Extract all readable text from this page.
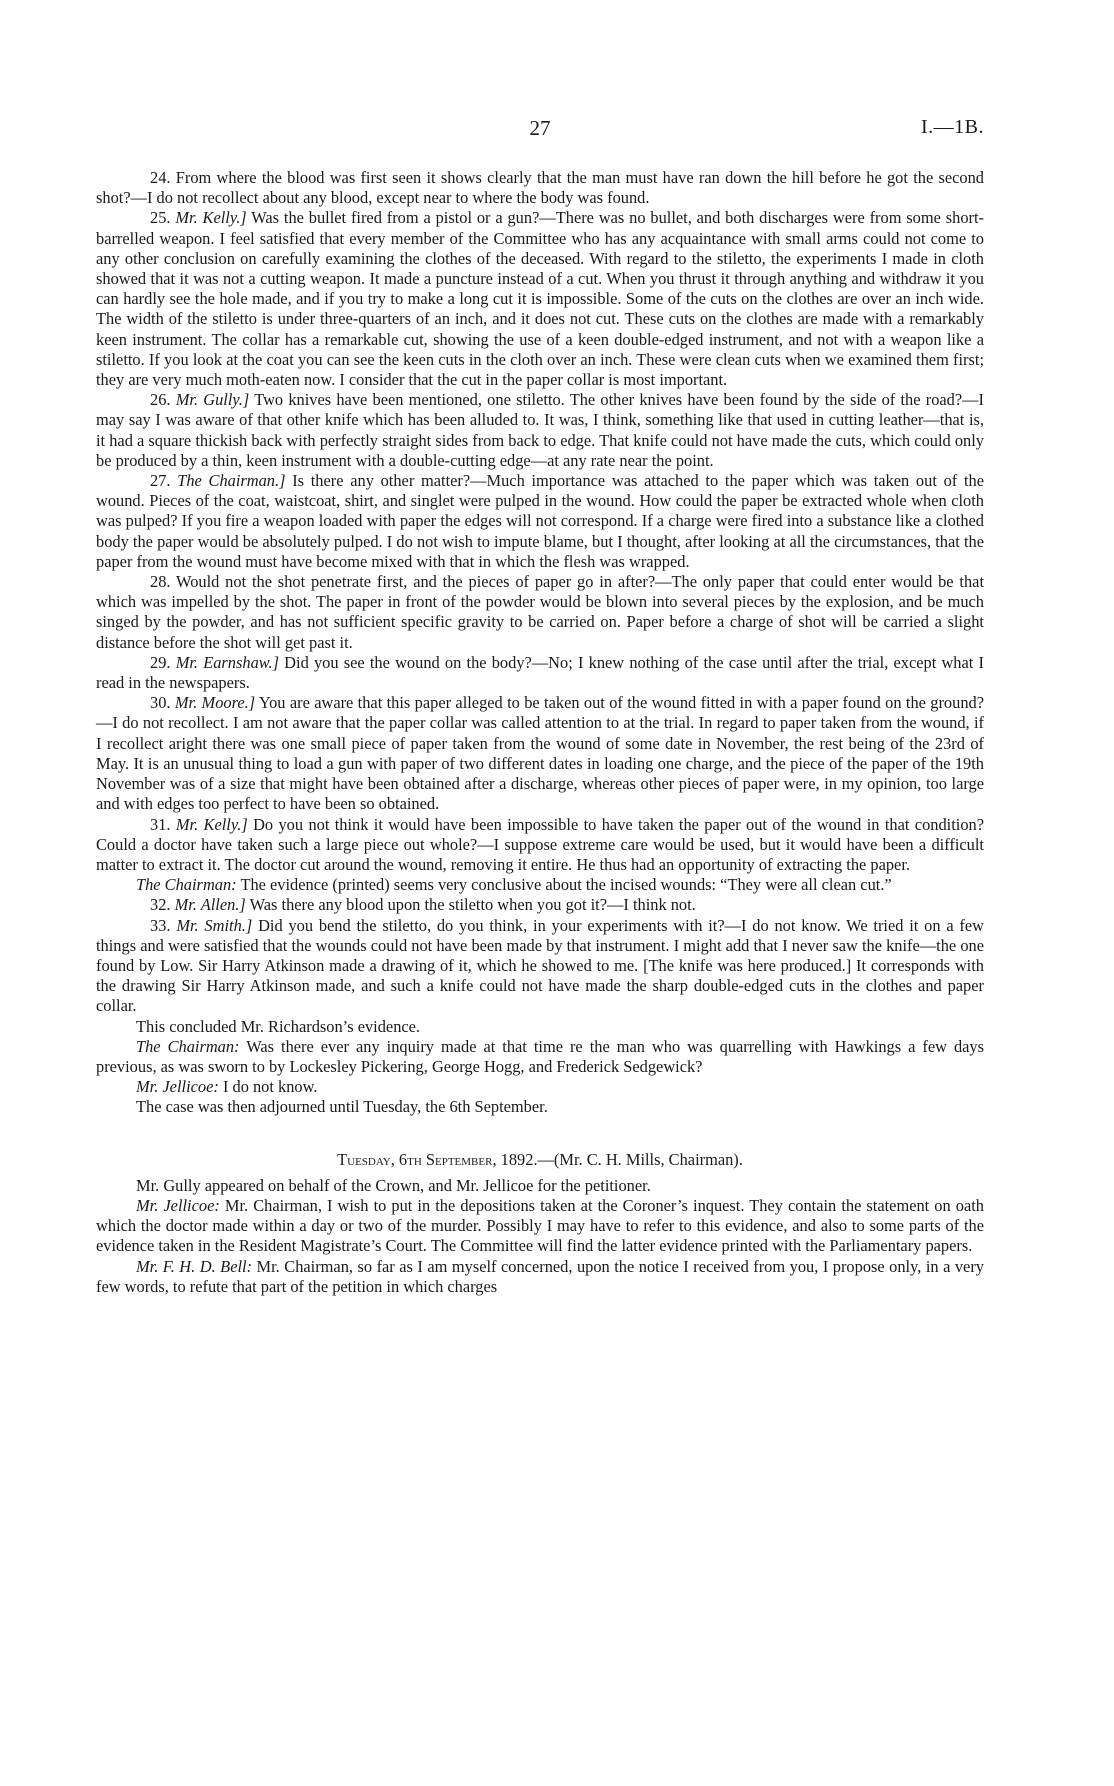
27	I.—1B.

24. From where the blood was first seen it shows clearly that the man must have ran down the hill before he got the second shot?—I do not recollect about any blood, except near to where the body was found.

25. Mr. Kelly.] Was the bullet fired from a pistol or a gun?—There was no bullet, and both discharges were from some short-barrelled weapon. I feel satisfied that every member of the Committee who has any acquaintance with small arms could not come to any other conclusion on carefully examining the clothes of the deceased. With regard to the stiletto, the experiments I made in cloth showed that it was not a cutting weapon. It made a puncture instead of a cut. When you thrust it through anything and withdraw it you can hardly see the hole made, and if you try to make a long cut it is impossible. Some of the cuts on the clothes are over an inch wide. The width of the stiletto is under three-quarters of an inch, and it does not cut. These cuts on the clothes are made with a remarkably keen instrument. The collar has a remarkable cut, showing the use of a keen double-edged instrument, and not with a weapon like a stiletto. If you look at the coat you can see the keen cuts in the cloth over an inch. These were clean cuts when we examined them first; they are very much moth-eaten now. I consider that the cut in the paper collar is most important.

26. Mr. Gully.] Two knives have been mentioned, one stiletto. The other knives have been found by the side of the road?—I may say I was aware of that other knife which has been alluded to. It was, I think, something like that used in cutting leather—that is, it had a square thickish back with perfectly straight sides from back to edge. That knife could not have made the cuts, which could only be produced by a thin, keen instrument with a double-cutting edge—at any rate near the point.

27. The Chairman.] Is there any other matter?—Much importance was attached to the paper which was taken out of the wound. Pieces of the coat, waistcoat, shirt, and singlet were pulped in the wound. How could the paper be extracted whole when cloth was pulped? If you fire a weapon loaded with paper the edges will not correspond. If a charge were fired into a substance like a clothed body the paper would be absolutely pulped. I do not wish to impute blame, but I thought, after looking at all the circumstances, that the paper from the wound must have become mixed with that in which the flesh was wrapped.

28. Would not the shot penetrate first, and the pieces of paper go in after?—The only paper that could enter would be that which was impelled by the shot. The paper in front of the powder would be blown into several pieces by the explosion, and be much singed by the powder, and has not sufficient specific gravity to be carried on. Paper before a charge of shot will be carried a slight distance before the shot will get past it.

29. Mr. Earnshaw.] Did you see the wound on the body?—No; I knew nothing of the case until after the trial, except what I read in the newspapers.

30. Mr. Moore.] You are aware that this paper alleged to be taken out of the wound fitted in with a paper found on the ground?—I do not recollect. I am not aware that the paper collar was called attention to at the trial. In regard to paper taken from the wound, if I recollect aright there was one small piece of paper taken from the wound of some date in November, the rest being of the 23rd of May. It is an unusual thing to load a gun with paper of two different dates in loading one charge, and the piece of the paper of the 19th November was of a size that might have been obtained after a discharge, whereas other pieces of paper were, in my opinion, too large and with edges too perfect to have been so obtained.

31. Mr. Kelly.] Do you not think it would have been impossible to have taken the paper out of the wound in that condition? Could a doctor have taken such a large piece out whole?—I suppose extreme care would be used, but it would have been a difficult matter to extract it. The doctor cut around the wound, removing it entire. He thus had an opportunity of extracting the paper.

The Chairman: The evidence (printed) seems very conclusive about the incised wounds: “They were all clean cut.”

32. Mr. Allen.] Was there any blood upon the stiletto when you got it?—I think not.

33. Mr. Smith.] Did you bend the stiletto, do you think, in your experiments with it?—I do not know. We tried it on a few things and were satisfied that the wounds could not have been made by that instrument. I might add that I never saw the knife—the one found by Low. Sir Harry Atkinson made a drawing of it, which he showed to me. [The knife was here produced.] It corresponds with the drawing Sir Harry Atkinson made, and such a knife could not have made the sharp double-edged cuts in the clothes and paper collar.

This concluded Mr. Richardson’s evidence.

The Chairman: Was there ever any inquiry made at that time re the man who was quarrelling with Hawkings a few days previous, as was sworn to by Lockesley Pickering, George Hogg, and Frederick Sedgewick?

Mr. Jellicoe: I do not know.

The case was then adjourned until Tuesday, the 6th September.

Tuesday, 6th September, 1892.—(Mr. C. H. Mills, Chairman).

Mr. Gully appeared on behalf of the Crown, and Mr. Jellicoe for the petitioner.

Mr. Jellicoe: Mr. Chairman, I wish to put in the depositions taken at the Coroner’s inquest. They contain the statement on oath which the doctor made within a day or two of the murder. Possibly I may have to refer to this evidence, and also to some parts of the evidence taken in the Resident Magistrate’s Court. The Committee will find the latter evidence printed with the Parliamentary papers.

Mr. F. H. D. Bell: Mr. Chairman, so far as I am myself concerned, upon the notice I received from you, I propose only, in a very few words, to refute that part of the petition in which charges
